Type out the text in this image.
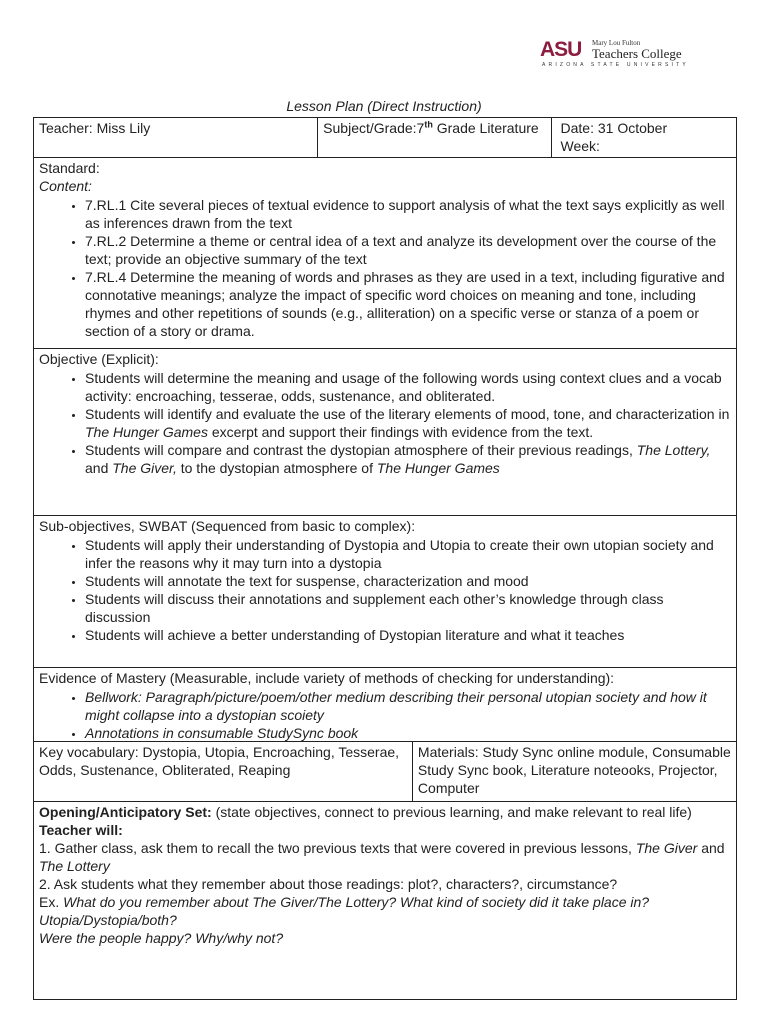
ASU Mary Lou Fulton
Teachers College
ARIZONA STATE UNIVERSITY
Lesson Plan (Direct Instruction)
Teacher: Miss Lily	Subject/Grade:7th Grade Literature	Date: 31 October
Week:
Standard:
Content:
• 7.RL.1 Cite several pieces of textual evidence to support analysis of what the text says explicitly as well as inferences drawn from the text
• 7.RL.2 Determine a theme or central idea of a text and analyze its development over the course of the text; provide an objective summary of the text
• 7.RL.4 Determine the meaning of words and phrases as they are used in a text, including figurative and connotative meanings; analyze the impact of specific word choices on meaning and tone, including rhymes and other repetitions of sounds (e.g., alliteration) on a specific verse or stanza of a poem or section of a story or drama.
Objective (Explicit):
• Students will determine the meaning and usage of the following words using context clues and a vocab activity: encroaching, tesserae, odds, sustenance, and obliterated.
• Students will identify and evaluate the use of the literary elements of mood, tone, and characterization in The Hunger Games excerpt and support their findings with evidence from the text.
• Students will compare and contrast the dystopian atmosphere of their previous readings, The Lottery, and The Giver, to the dystopian atmosphere of The Hunger Games
Sub-objectives, SWBAT (Sequenced from basic to complex):
• Students will apply their understanding of Dystopia and Utopia to create their own utopian society and infer the reasons why it may turn into a dystopia
• Students will annotate the text for suspense, characterization and mood
• Students will discuss their annotations and supplement each other’s knowledge through class discussion
• Students will achieve a better understanding of Dystopian literature and what it teaches
Evidence of Mastery (Measurable, include variety of methods of checking for understanding):
• Bellwork: Paragraph/picture/poem/other medium describing their personal utopian society and how it might collapse into a dystopian scoiety
• Annotations in consumable StudySync book
Key vocabulary: Dystopia, Utopia, Encroaching, Tesserae, Odds, Sustenance, Obliterated, Reaping
Materials: Study Sync online module, Consumable Study Sync book, Literature noteooks, Projector, Computer

Opening/Anticipatory Set: (state objectives, connect to previous learning, and make relevant to real life)

Teacher will:

1. Gather class, ask them to recall the two previous texts that were covered in previous lessons, The Giver and The Lottery

2. Ask students what they remember about those readings: plot?, characters?, circumstance?

Ex. What do you remember about The Giver/The Lottery? What kind of society did it take place in? Utopia/Dystopia/both?

Were the people happy? Why/why not?
